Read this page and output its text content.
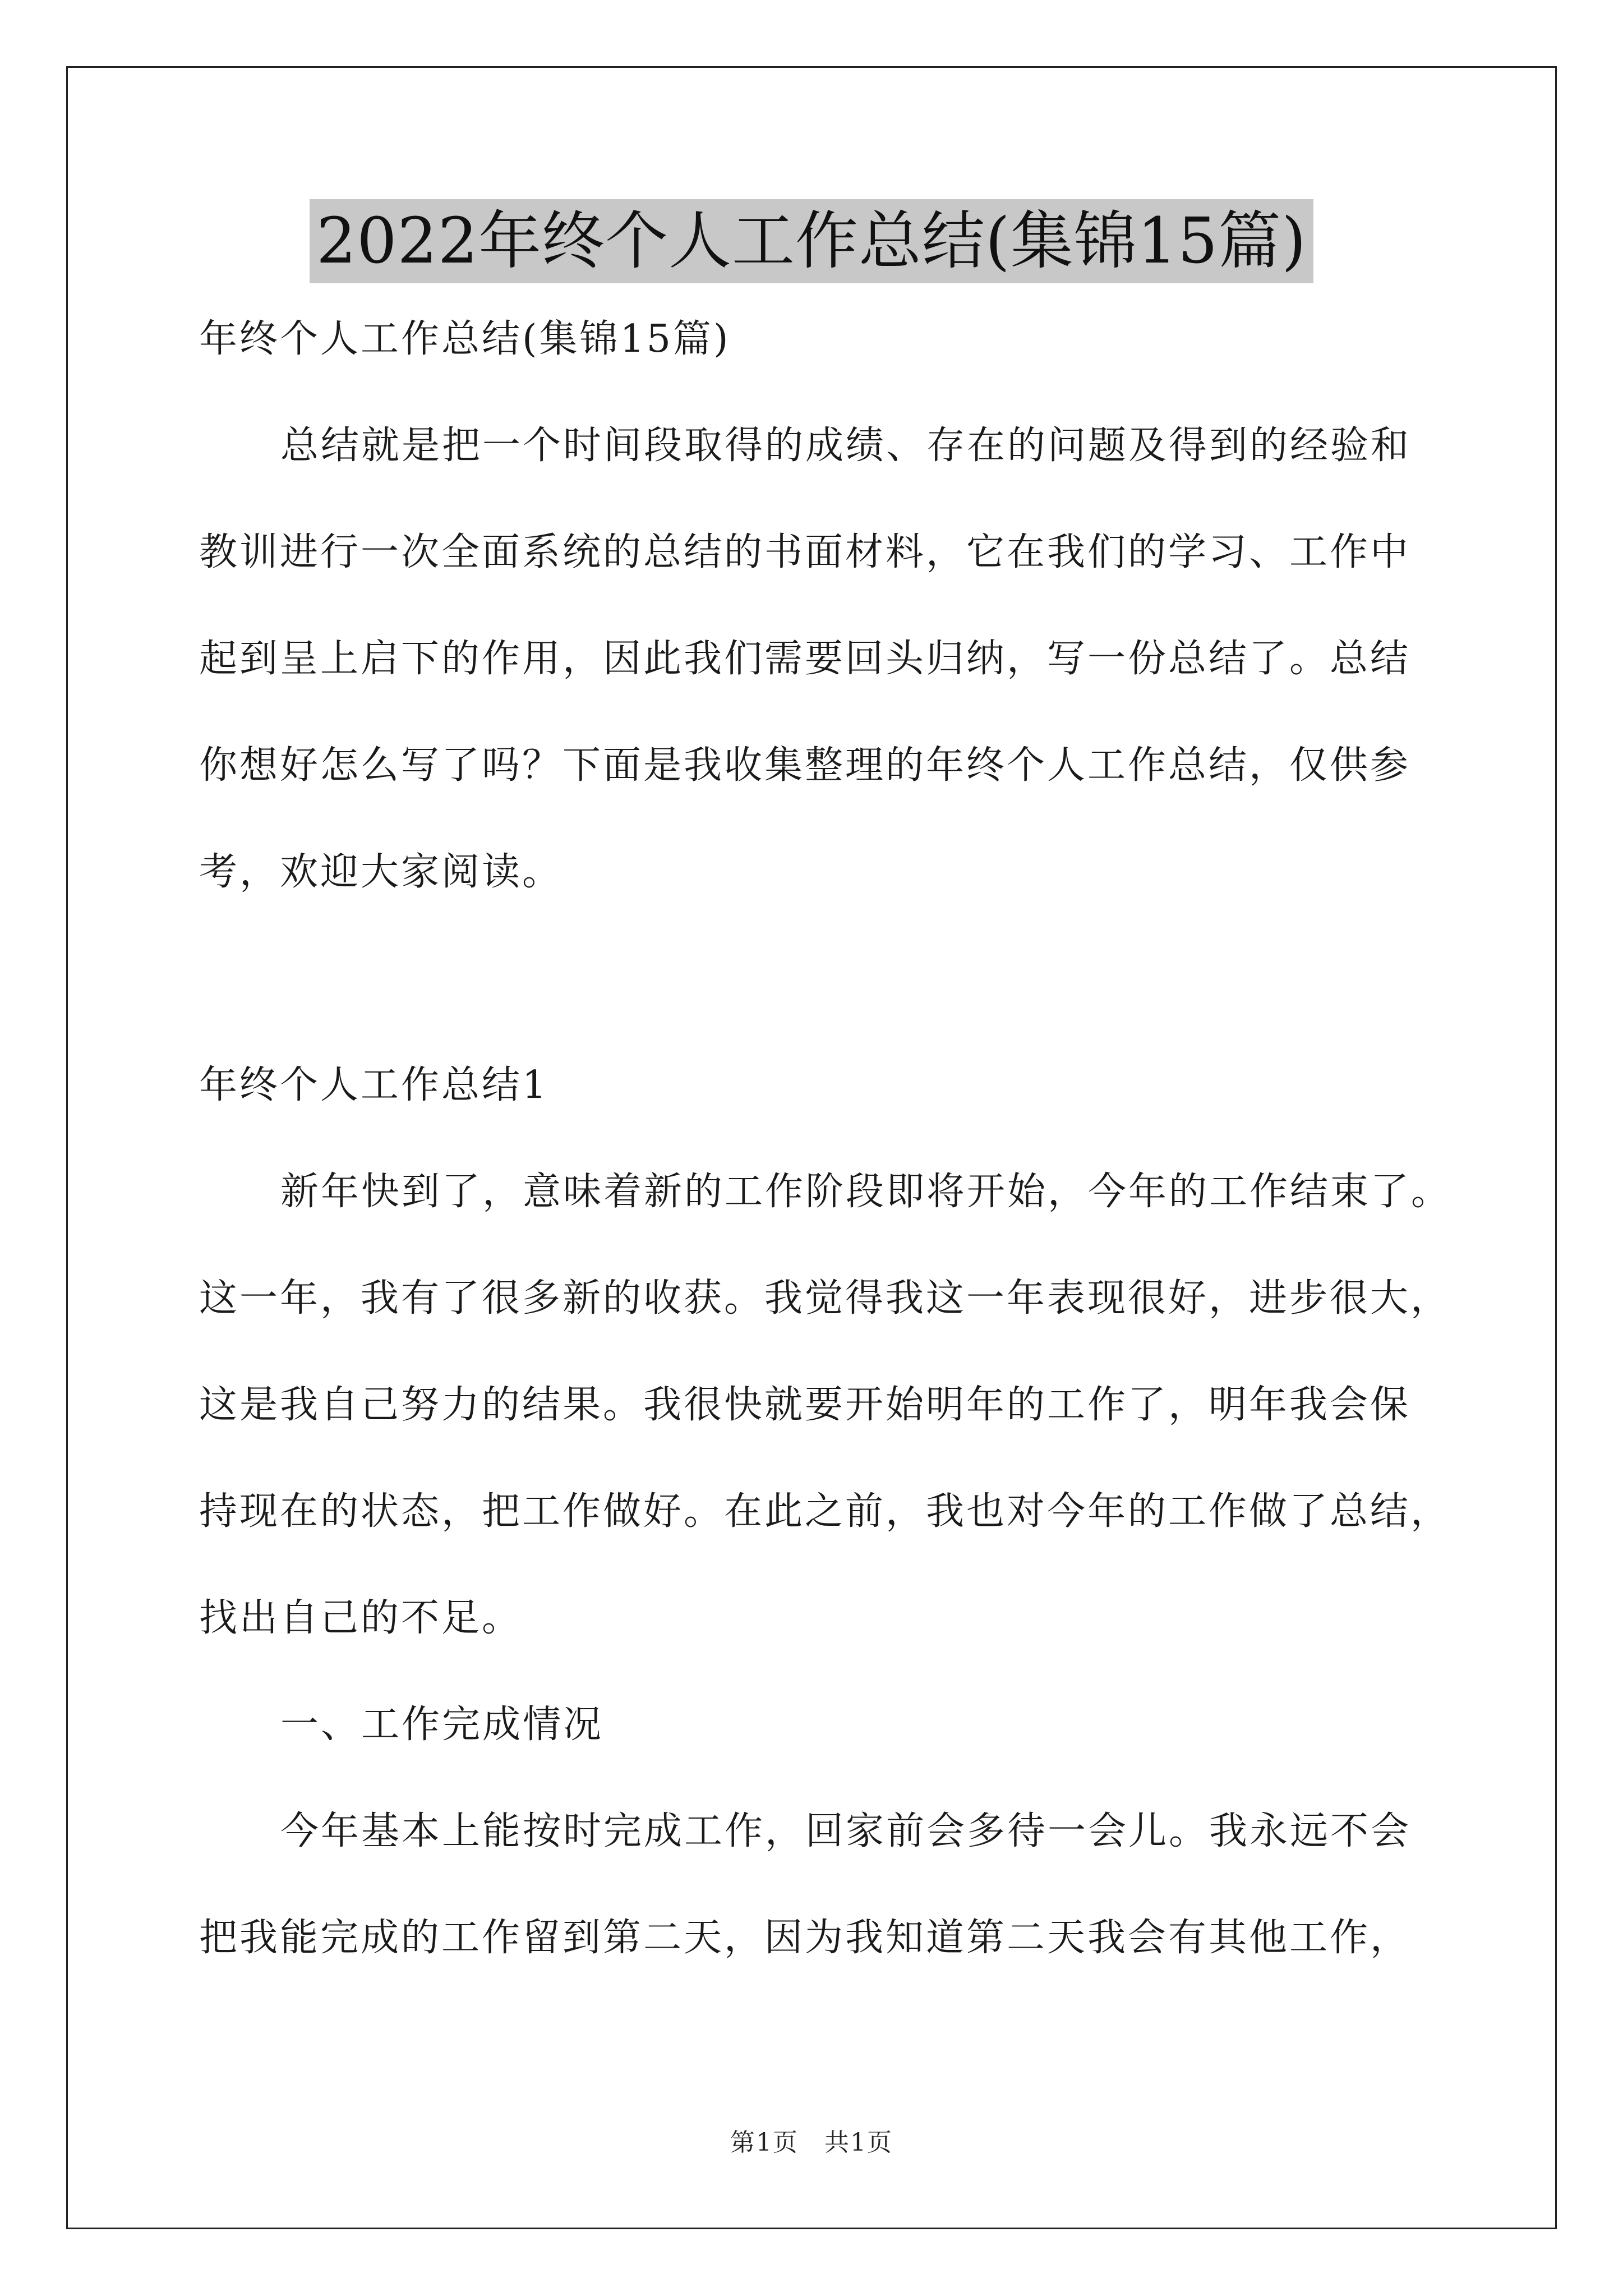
2022年终个人工作总结(集锦15篇)
年终个人工作总结(集锦15篇)
总结就是把一个时间段取得的成绩、存在的问题及得到的经验和
教训进行一次全面系统的总结的书面材料，它在我们的学习、工作中
起到呈上启下的作用，因此我们需要回头归纳，写一份总结了。总结
你想好怎么写了吗？下面是我收集整理的年终个人工作总结，仅供参
考，欢迎大家阅读。
年终个人工作总结1
新年快到了，意味着新的工作阶段即将开始，今年的工作结束了。
这一年，我有了很多新的收获。我觉得我这一年表现很好，进步很大，
这是我自己努力的结果。我很快就要开始明年的工作了，明年我会保
持现在的状态，把工作做好。在此之前，我也对今年的工作做了总结，
找出自己的不足。
一、工作完成情况
今年基本上能按时完成工作，回家前会多待一会儿。我永远不会
把我能完成的工作留到第二天，因为我知道第二天我会有其他工作，
第1页　共1页
